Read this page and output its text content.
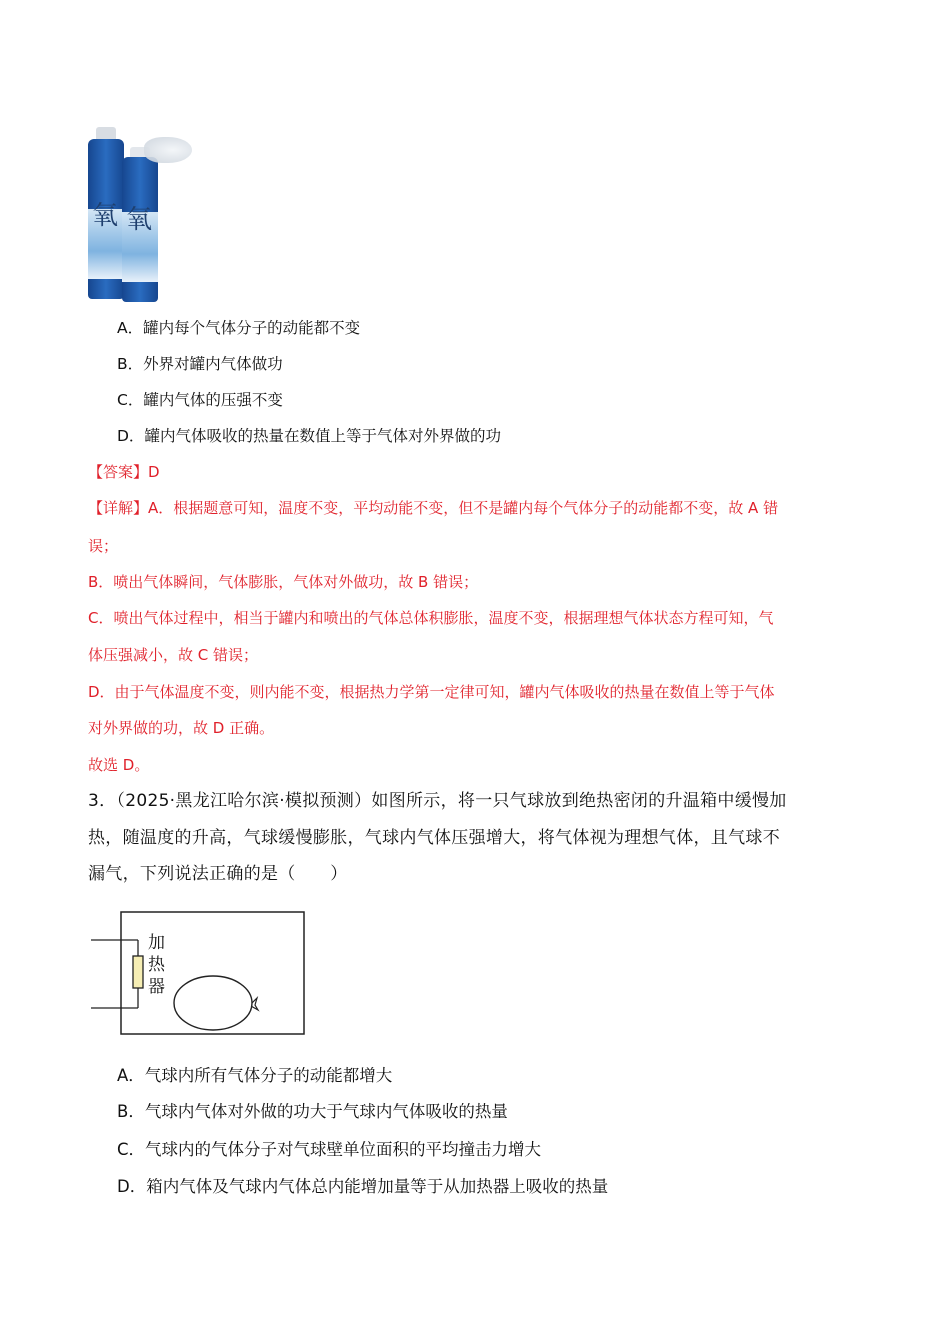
氧 氧
A．罐内每个气体分子的动能都不变
B．外界对罐内气体做功
C．罐内气体的压强不变
D．罐内气体吸收的热量在数值上等于气体对外界做的功
【答案】D
【详解】A．根据题意可知，温度不变，平均动能不变，但不是罐内每个气体分子的动能都不变，故 A 错
误；
B．喷出气体瞬间，气体膨胀，气体对外做功，故 B 错误；
C．喷出气体过程中，相当于罐内和喷出的气体总体积膨胀，温度不变，根据理想气体状态方程可知，气
体压强减小，故 C 错误；
D．由于气体温度不变，则内能不变，根据热力学第一定律可知，罐内气体吸收的热量在数值上等于气体
对外界做的功，故 D 正确。
故选 D。
3．（2025·黑龙江哈尔滨·模拟预测）如图所示，将一只气球放到绝热密闭的升温箱中缓慢加
热，随温度的升高，气球缓慢膨胀，气球内气体压强增大，将气体视为理想气体，且气球不
漏气，下列说法正确的是（　　）
加
热
器
A．气球内所有气体分子的动能都增大
B．气球内气体对外做的功大于气球内气体吸收的热量
C．气球内的气体分子对气球壁单位面积的平均撞击力增大
D．箱内气体及气球内气体总内能增加量等于从加热器上吸收的热量
